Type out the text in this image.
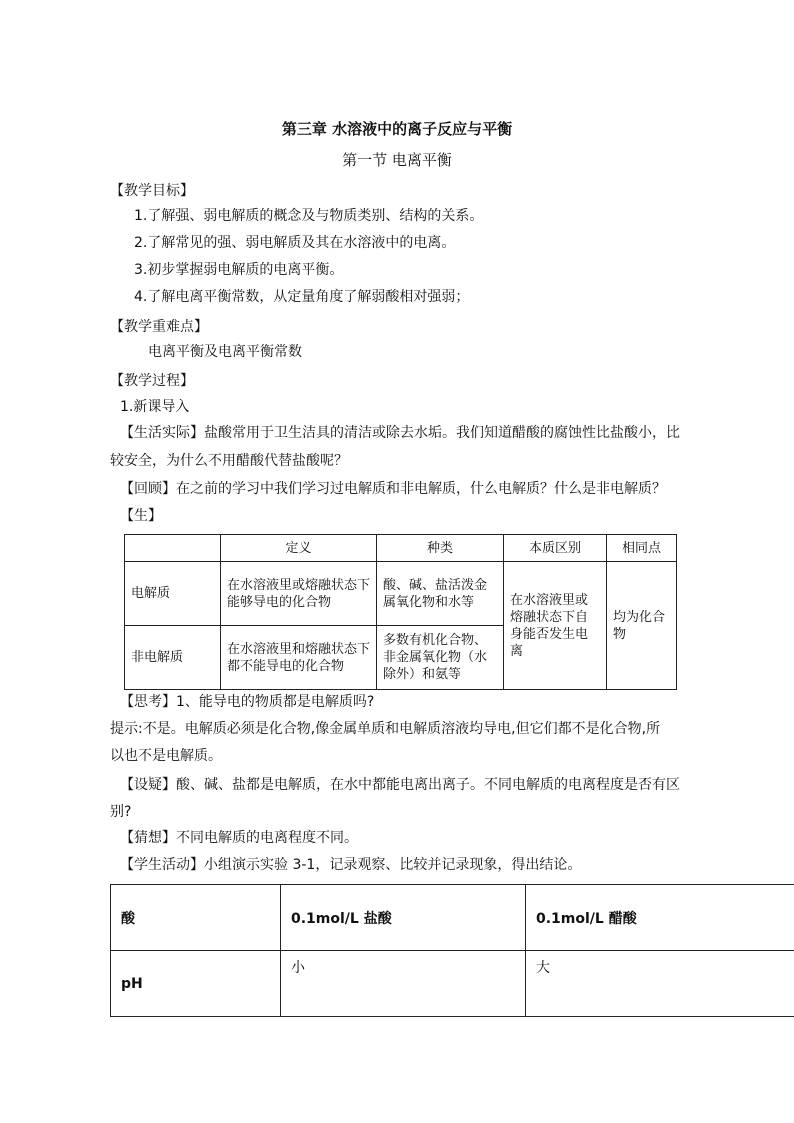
第三章 水溶液中的离子反应与平衡
第一节 电离平衡
【教学目标】
1.了解强、弱电解质的概念及与物质类别、结构的关系。
2.了解常见的强、弱电解质及其在水溶液中的电离。
3.初步掌握弱电解质的电离平衡。
4.了解电离平衡常数，从定量角度了解弱酸相对强弱；
【教学重难点】
电离平衡及电离平衡常数
【教学过程】
1.新课导入
【生活实际】盐酸常用于卫生洁具的清洁或除去水垢。我们知道醋酸的腐蚀性比盐酸小，比
较安全，为什么不用醋酸代替盐酸呢？
【回顾】在之前的学习中我们学习过电解质和非电解质，什么电解质？什么是非电解质？
【生】
	定义	种类	本质区别	相同点
电解质	在水溶液里或熔融状态下能够导电的化合物	酸、碱、盐活泼金属氧化物和水等	在水溶液里或熔融状态下自身能否发生电离	均为化合物
非电解质	在水溶液里和熔融状态下都不能导电的化合物	多数有机化合物、非金属氧化物（水除外）和氨等		
【思考】1、能导电的物质都是电解质吗?
提示:不是。电解质必须是化合物,像金属单质和电解质溶液均导电,但它们都不是化合物,所
以也不是电解质。
【设疑】酸、碱、盐都是电解质，在水中都能电离出离子。不同电解质的电离程度是否有区
别?
【猜想】不同电解质的电离程度不同。
【学生活动】小组演示实验 3-1，记录观察、比较并记录现象，得出结论。
酸	0.1mol/L 盐酸	0.1mol/L 醋酸
pH	小	大
